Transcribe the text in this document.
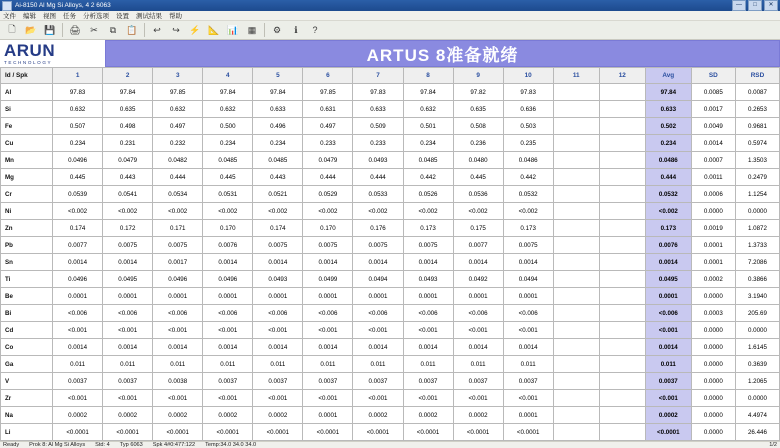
Ai-8150 Al Mg Si Alloys, 4 2 6063	—	□	✕
文件 编辑 视图 任务 分析选项 设置 测试结果 帮助
🗋	📂 💾	🖨	✂	⧉	📋	↩	↪	⚡ 📐 📊	▦	⚙	ℹ	?
ARUN
TECHNOLOGY	ARTUS 8准备就绪
Id / Spk	1	2	3	4	5	6	7	8	9	10	11	12	Avg	SD	RSD
Al	97.83	97.84	97.85	97.84	97.84	97.85	97.83	97.84	97.82	97.83			97.84	0.0085	0.0087
Si	0.632	0.635	0.632	0.632	0.633	0.631	0.633	0.632	0.635	0.636			0.633	0.0017	0.2653
Fe	0.507	0.498	0.497	0.500	0.496	0.497	0.509	0.501	0.508	0.503			0.502	0.0049	0.9681
Cu	0.234	0.231	0.232	0.234	0.234	0.233	0.233	0.234	0.236	0.235			0.234	0.0014	0.5974
Mn	0.0496	0.0479	0.0482	0.0485	0.0485	0.0479	0.0493	0.0485	0.0480	0.0486			0.0486	0.0007	1.3503
Mg	0.445	0.443	0.444	0.445	0.443	0.444	0.444	0.442	0.445	0.442			0.444	0.0011	0.2479
Cr	0.0539	0.0541	0.0534	0.0531	0.0521	0.0529	0.0533	0.0526	0.0536	0.0532			0.0532	0.0006	1.1254
Ni	<0.002	<0.002	<0.002	<0.002	<0.002	<0.002	<0.002	<0.002	<0.002	<0.002			<0.002	0.0000	0.0000
Zn	0.174	0.172	0.171	0.170	0.174	0.170	0.176	0.173	0.175	0.173			0.173	0.0019	1.0872
Pb	0.0077	0.0075	0.0075	0.0076	0.0075	0.0075	0.0075	0.0075	0.0077	0.0075			0.0076	0.0001	1.3733
Sn	0.0014	0.0014	0.0017	0.0014	0.0014	0.0014	0.0014	0.0014	0.0014	0.0014			0.0014	0.0001	7.2086
Ti	0.0496	0.0495	0.0496	0.0496	0.0493	0.0499	0.0494	0.0493	0.0492	0.0494			0.0495	0.0002	0.3866
Be	0.0001	0.0001	0.0001	0.0001	0.0001	0.0001	0.0001	0.0001	0.0001	0.0001			0.0001	0.0000	3.1940
Bi	<0.006	<0.006	<0.006	<0.006	<0.006	<0.006	<0.006	<0.006	<0.006	<0.006			<0.006	0.0003	205.69
Cd	<0.001	<0.001	<0.001	<0.001	<0.001	<0.001	<0.001	<0.001	<0.001	<0.001			<0.001	0.0000	0.0000
Co	0.0014	0.0014	0.0014	0.0014	0.0014	0.0014	0.0014	0.0014	0.0014	0.0014			0.0014	0.0000	1.6145
Ga	0.011	0.011	0.011	0.011	0.011	0.011	0.011	0.011	0.011	0.011			0.011	0.0000	0.3639
V	0.0037	0.0037	0.0038	0.0037	0.0037	0.0037	0.0037	0.0037	0.0037	0.0037			0.0037	0.0000	1.2065
Zr	<0.001	<0.001	<0.001	<0.001	<0.001	<0.001	<0.001	<0.001	<0.001	<0.001			<0.001	0.0000	0.0000
Na	0.0002	0.0002	0.0002	0.0002	0.0002	0.0001	0.0002	0.0002	0.0002	0.0001			0.0002	0.0000	4.4974
Li	<0.0001	<0.0001	<0.0001	<0.0001	<0.0001	<0.0001	<0.0001	<0.0001	<0.0001	<0.0001			<0.0001	0.0000	26.446
Ready Prok 8: Al Mg Si Alloys Std: 4 Typ 6063 Spk 4#0:477:122 Temp:34.0 34.0 34.0	1/2
